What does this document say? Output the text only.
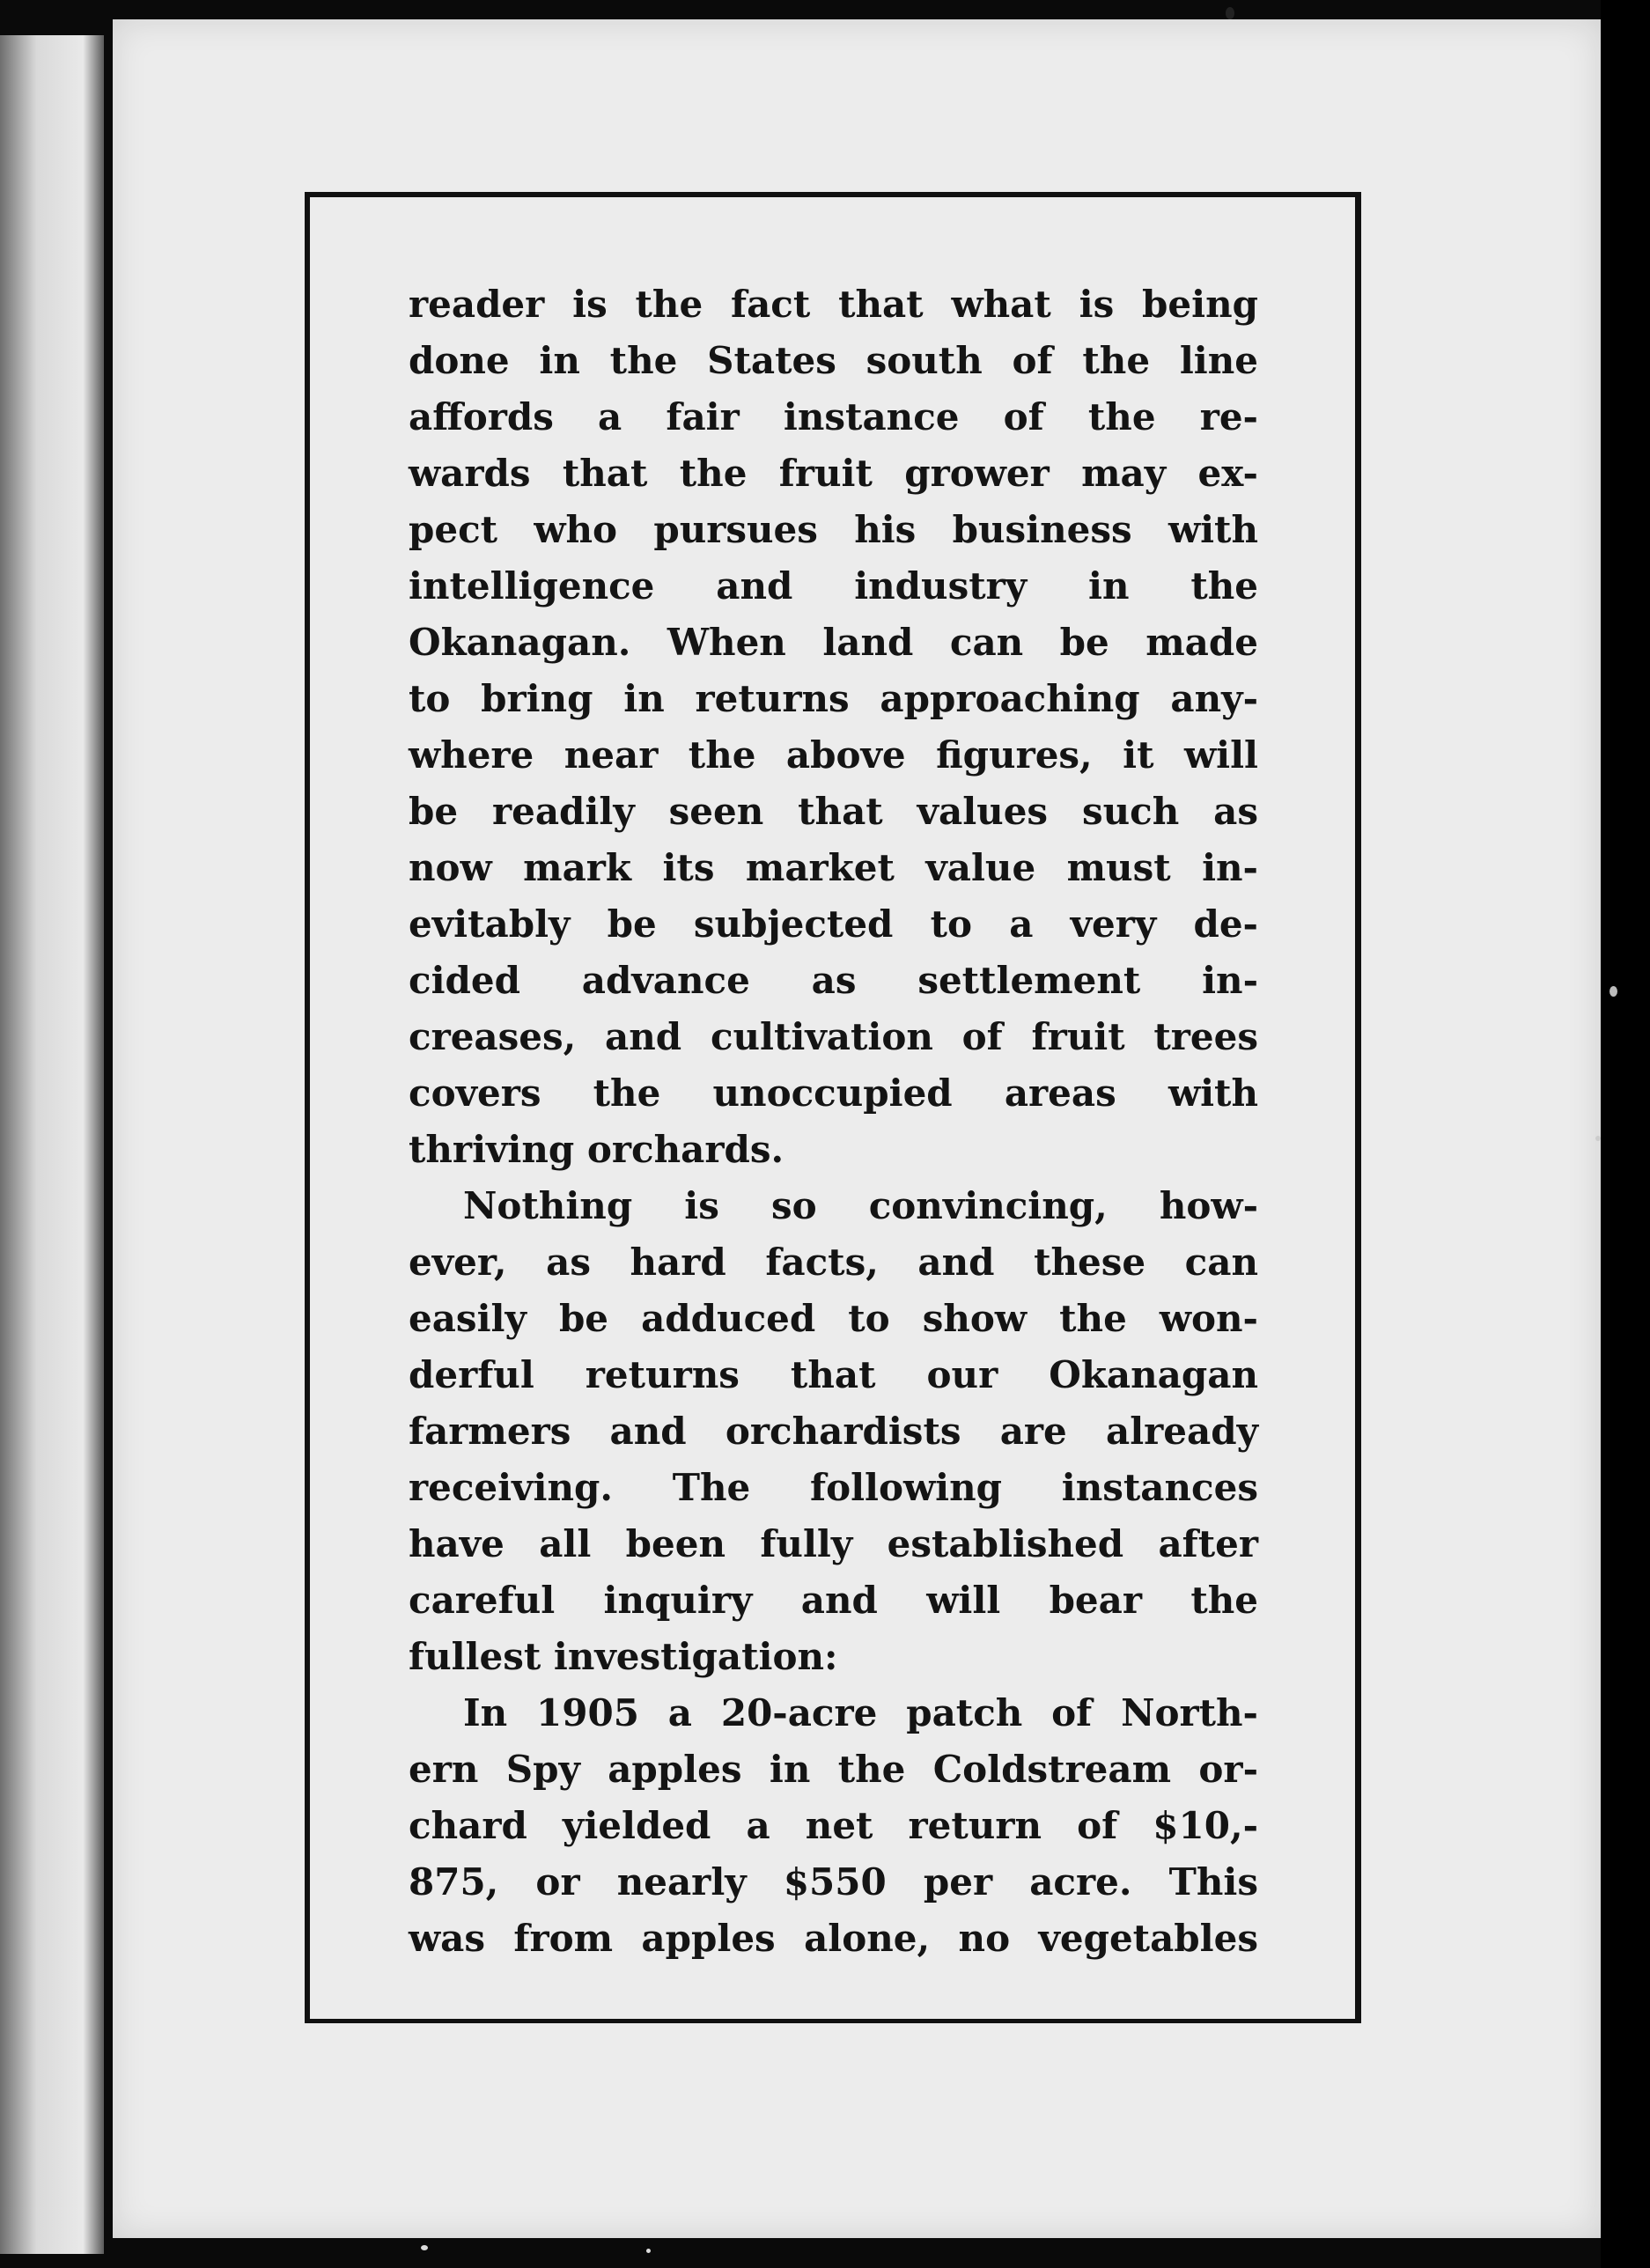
reader is the fact that what is being
done in the States south of the line
affords a fair instance of the re-
wards that the fruit grower may ex-
pect who pursues his business with
intelligence and industry in the
Okanagan. When land can be made
to bring in returns approaching any-
where near the above figures, it will
be readily seen that values such as
now mark its market value must in-
evitably be subjected to a very de-
cided advance as settlement in-
creases, and cultivation of fruit trees
covers the unoccupied areas with
thriving orchards.
Nothing is so convincing, how-
ever, as hard facts, and these can
easily be adduced to show the won-
derful returns that our Okanagan
farmers and orchardists are already
receiving. The following instances
have all been fully established after
careful inquiry and will bear the
fullest investigation:
In 1905 a 20-acre patch of North-
ern Spy apples in the Coldstream or-
chard yielded a net return of $10,-
875, or nearly $550 per acre. This
was from apples alone, no vegetables
